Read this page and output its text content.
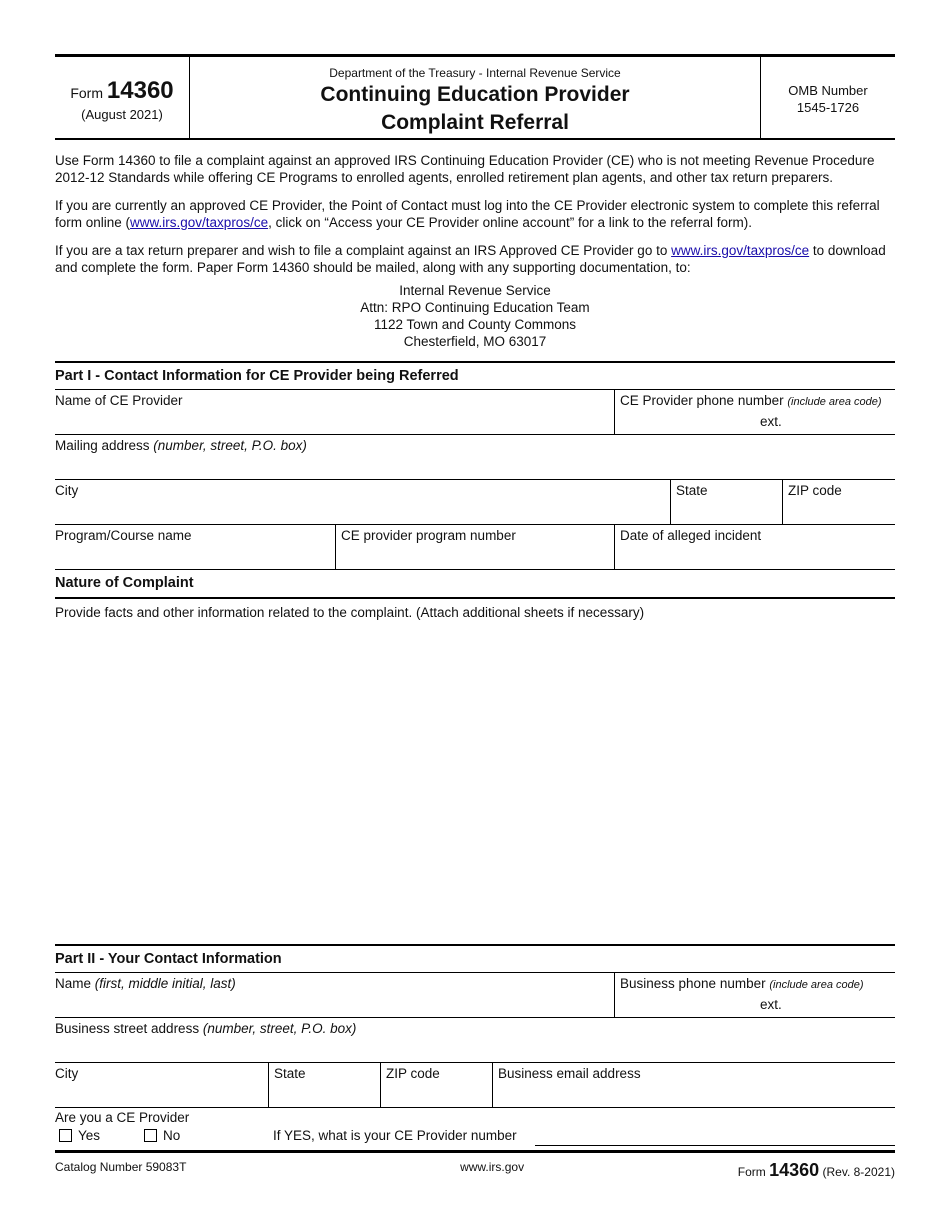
Form 14360
(August 2021)
Department of the Treasury - Internal Revenue Service
Continuing Education Provider
Complaint Referral
OMB Number
1545-1726

Use Form 14360 to file a complaint against an approved IRS Continuing Education Provider (CE) who is not meeting Revenue Procedure 2012-12 Standards while offering CE Programs to enrolled agents, enrolled retirement plan agents, and other tax return preparers.

If you are currently an approved CE Provider, the Point of Contact must log into the CE Provider electronic system to complete this referral form online (www.irs.gov/taxpros/ce, click on “Access your CE Provider online account” for a link to the referral form).

If you are a tax return preparer and wish to file a complaint against an IRS Approved CE Provider go to www.irs.gov/taxpros/ce to download and complete the form. Paper Form 14360 should be mailed, along with any supporting documentation, to:

Internal Revenue Service
Attn: RPO Continuing Education Team
1122 Town and County Commons
Chesterfield, MO 63017
Part I - Contact Information for CE Provider being Referred
Name of CE Provider	CE Provider phone number (include area code)
ext.
Mailing address (number, street, P.O. box)
City	State	ZIP code
Program/Course name	CE provider program number	Date of alleged incident
Nature of Complaint
Provide facts and other information related to the complaint. (Attach additional sheets if necessary)
Part II - Your Contact Information
Name (first, middle initial, last)	Business phone number (include area code)
ext.
Business street address (number, street, P.O. box)
City	State	ZIP code	Business email address
Are you a CE Provider
Yes	No	If YES, what is your CE Provider number
Catalog Number 59083T	www.irs.gov	Form 14360 (Rev. 8-2021)
